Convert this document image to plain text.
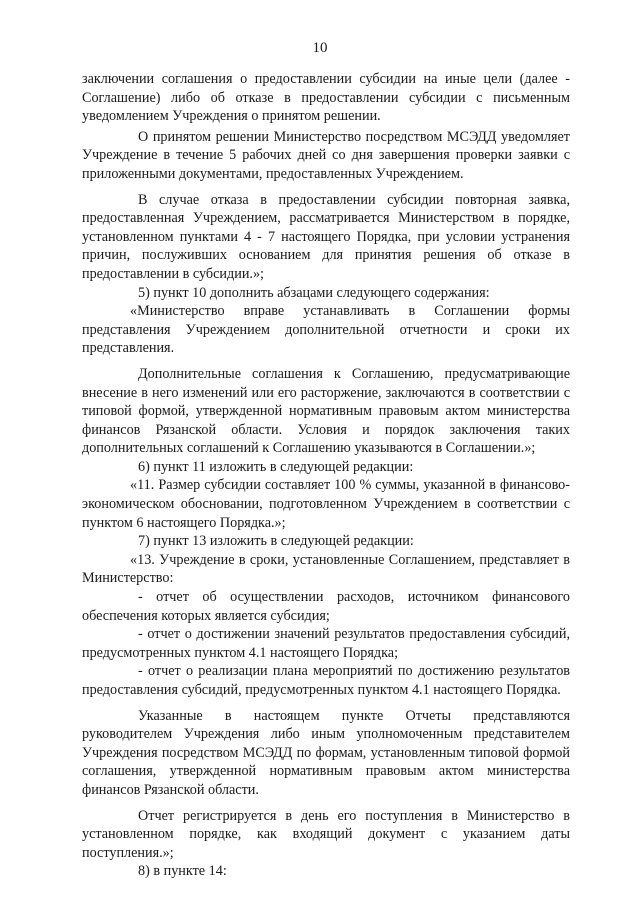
10

заключении соглашения о предоставлении субсидии на иные цели (далее - Соглашение) либо об отказе в предоставлении субсидии с письменным уведомлением Учреждения о принятом решении.

О принятом решении Министерство посредством МСЭДД уведомляет Учреждение в течение 5 рабочих дней со дня завершения проверки заявки с приложенными документами, предоставленных Учреждением.

В случае отказа в предоставлении субсидии повторная заявка, предоставленная Учреждением, рассматривается Министерством в порядке, установленном пунктами 4 - 7 настоящего Порядка, при условии устранения причин, послуживших основанием для принятия решения об отказе в предоставлении в субсидии.»;

5) пункт 10 дополнить абзацами следующего содержания:

«Министерство вправе устанавливать в Соглашении формы представления Учреждением дополнительной отчетности и сроки их представления.

Дополнительные соглашения к Соглашению, предусматривающие внесение в него изменений или его расторжение, заключаются в соответствии с типовой формой, утвержденной нормативным правовым актом министерства финансов Рязанской области. Условия и порядок заключения таких дополнительных соглашений к Соглашению указываются в Соглашении.»;

6) пункт 11 изложить в следующей редакции:

«11. Размер субсидии составляет 100 % суммы, указанной в финансово-экономическом обосновании, подготовленном Учреждением в соответствии с пунктом 6 настоящего Порядка.»;

7) пункт 13 изложить в следующей редакции:

«13. Учреждение в сроки, установленные Соглашением, представляет в Министерство:

- отчет об осуществлении расходов, источником финансового обеспечения которых является субсидия;

- отчет о достижении значений результатов предоставления субсидий, предусмотренных пунктом 4.1 настоящего Порядка;

- отчет о реализации плана мероприятий по достижению результатов предоставления субсидий, предусмотренных пунктом 4.1 настоящего Порядка.

Указанные в настоящем пункте Отчеты представляются руководителем Учреждения либо иным уполномоченным представителем Учреждения посредством МСЭДД по формам, установленным типовой формой соглашения, утвержденной нормативным правовым актом министерства финансов Рязанской области.

Отчет регистрируется в день его поступления в Министерство в установленном порядке, как входящий документ с указанием даты поступления.»;

8) в пункте 14:
